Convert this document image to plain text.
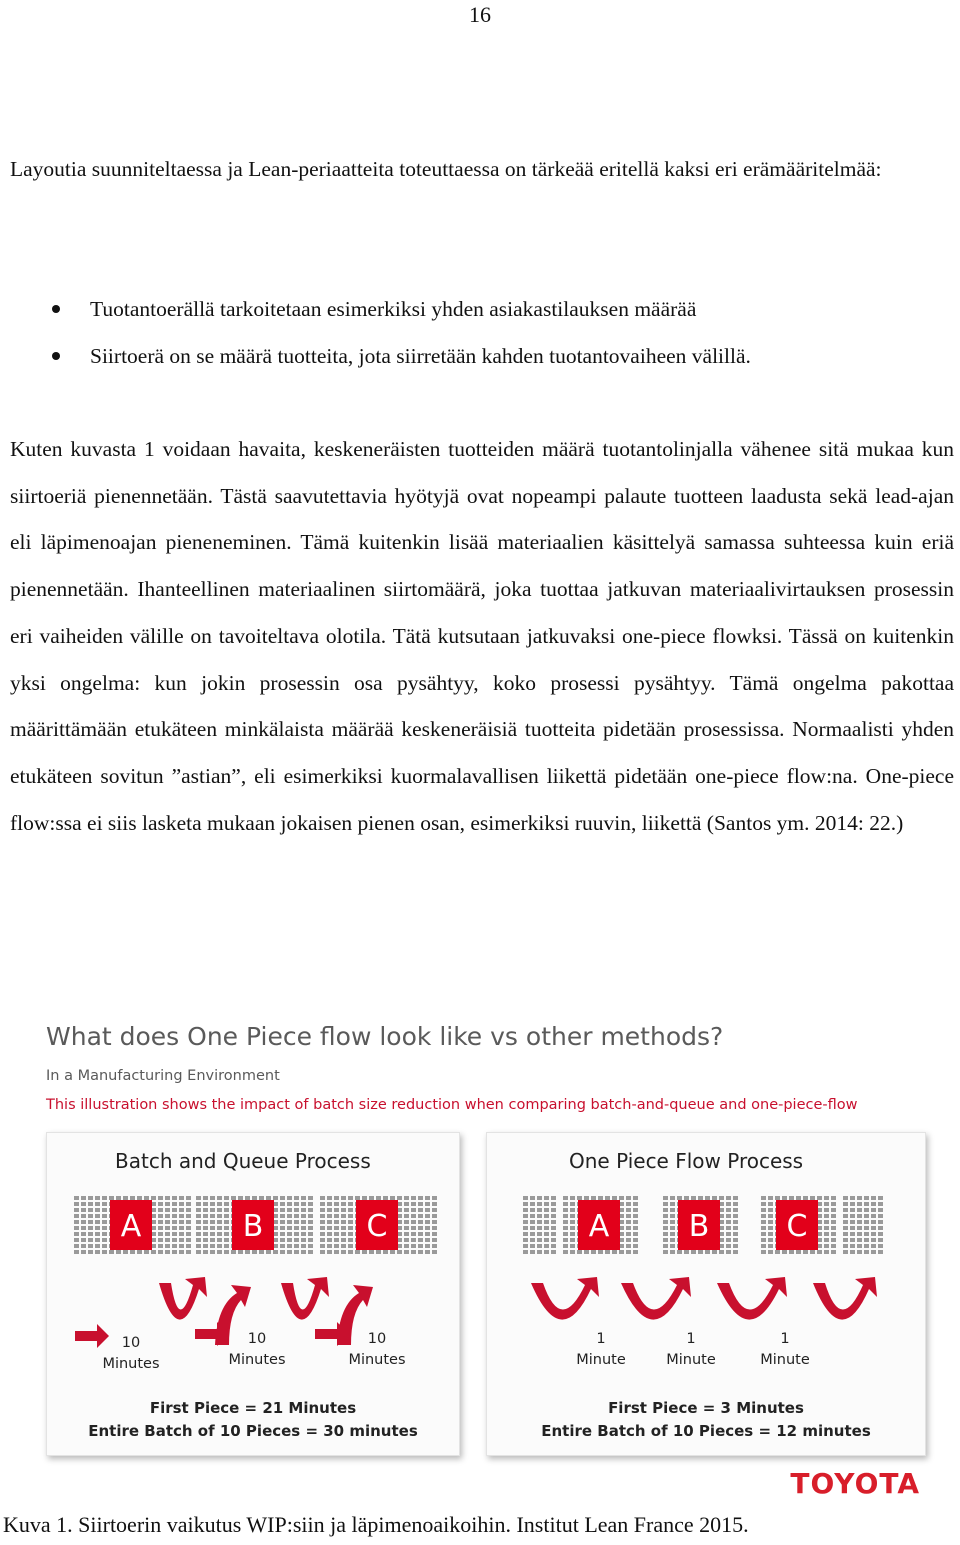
16

Layoutia suunniteltaessa ja Lean-periaatteita toteuttaessa on tärkeää eritellä kaksi eri erämääritelmää:

Tuotantoerällä tarkoitetaan esimerkiksi yhden asiakastilauksen määrää
Siirtoerä on se määrä tuotteita, jota siirretään kahden tuotantovaiheen välillä.

Kuten kuvasta 1 voidaan havaita, keskeneräisten tuotteiden määrä tuotantolinjalla vähenee sitä mukaa kun siirtoeriä pienennetään. Tästä saavutettavia hyötyjä ovat nopeampi palaute tuotteen laadusta sekä lead-ajan eli läpimenoajan pieneneminen. Tämä kuitenkin lisää materiaalien käsittelyä samassa suhteessa kuin eriä pienennetään. Ihanteellinen materiaalinen siirtomäärä, joka tuottaa jatkuvan materiaalivirtauksen prosessin eri vaiheiden välille on tavoiteltava olotila. Tätä kutsutaan jatkuvaksi one-piece flowksi. Tässä on kuitenkin yksi ongelma: kun jokin prosessin osa pysähtyy, koko prosessi pysähtyy. Tämä ongelma pakottaa määrittämään etukäteen minkälaista määrää keskeneräisiä tuotteita pidetään prosessissa. Normaalisti yhden etukäteen sovitun ”astian”, eli esimerkiksi kuormalavallisen liikettä pidetään one-piece flow:na. One-piece flow:ssa ei siis lasketa mukaan jokaisen pienen osan, esimerkiksi ruuvin, liikettä (Santos ym. 2014: 22.)

What does One Piece flow look like vs other methods?
In a Manufacturing Environment
This illustration shows the impact of batch size reduction when comparing batch-and-queue and one-piece-flow
A	B	C
Batch and Queue Process
10
Minutes
10
Minutes
10
Minutes
First Piece = 21 Minutes
Entire Batch of 10 Pieces = 30 minutes
A	B	C
One Piece Flow Process
1
Minute
1
Minute
1
Minute
First Piece = 3 Minutes
Entire Batch of 10 Pieces = 12 minutes
TOYOTA

Kuva 1. Siirtoerin vaikutus WIP:siin ja läpimenoaikoihin. Institut Lean France 2015.
